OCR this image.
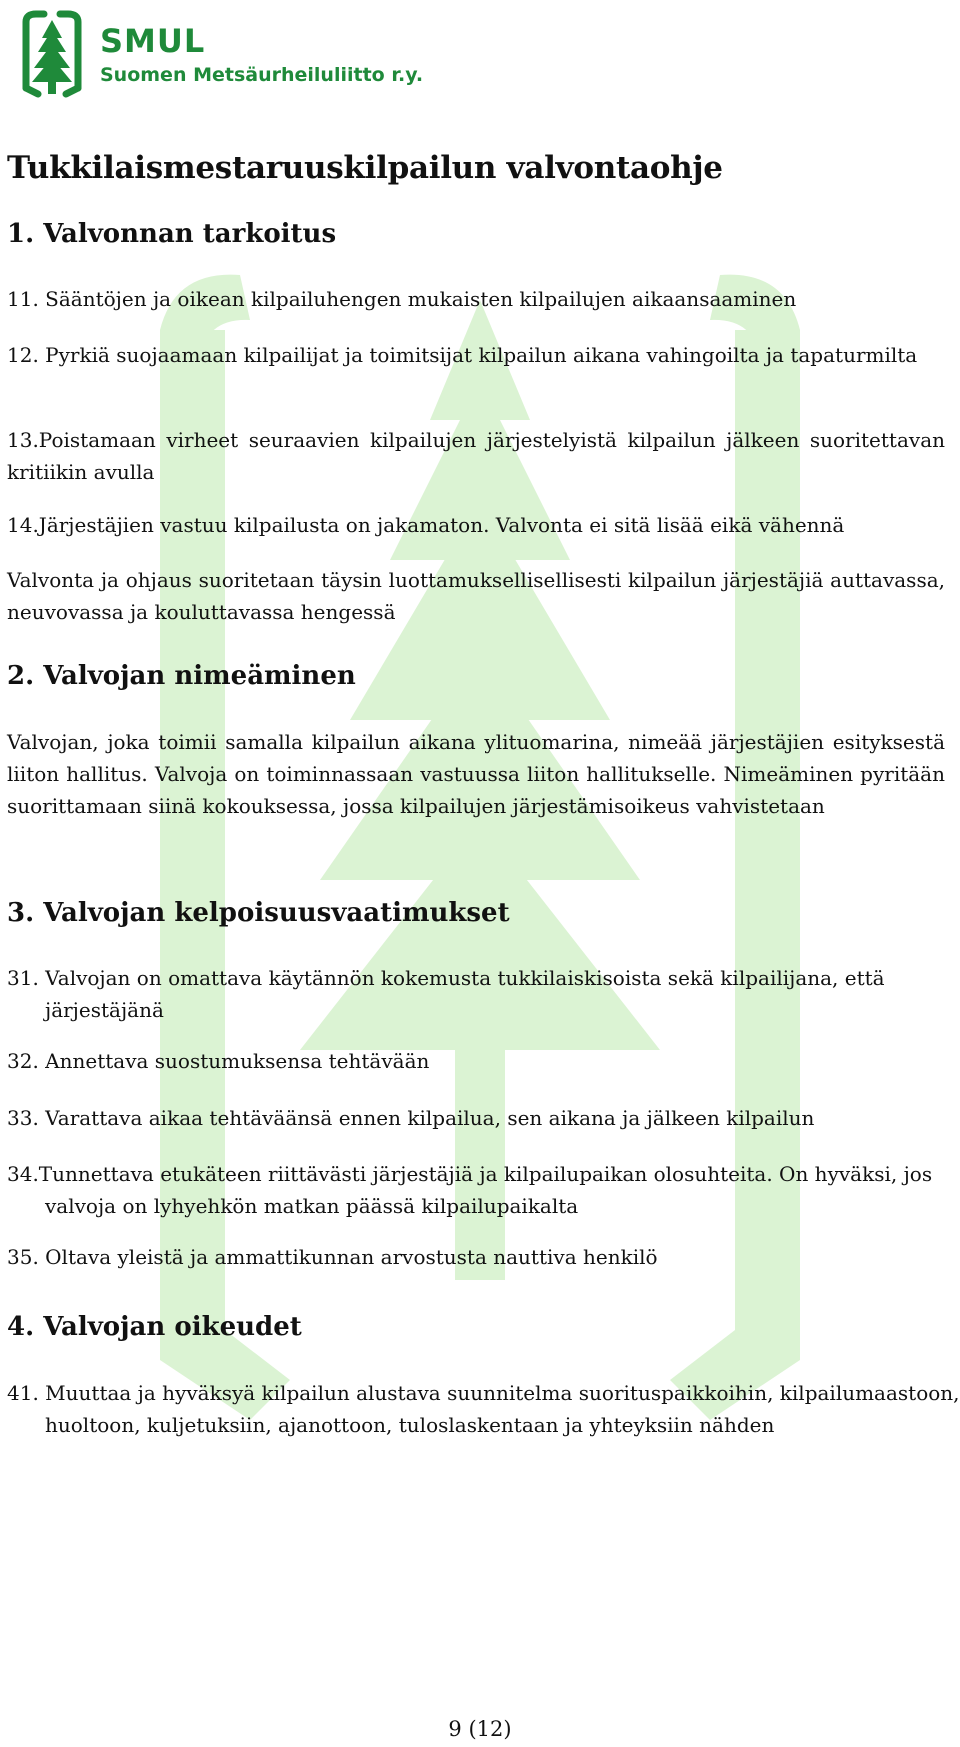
SMUL
Suomen Metsäurheiluliitto r.y.
Tukkilaismestaruuskilpailun valvontaohje
1. Valvonnan tarkoitus

11. Sääntöjen ja oikean kilpailuhengen mukaisten kilpailujen aikaansaaminen

12. Pyrkiä suojaamaan kilpailijat ja toimitsijat kilpailun aikana vahingoilta ja tapaturmilta

13.Poistamaan virheet seuraavien kilpailujen järjestelyistä kilpailun jälkeen suoritettavan kritiikin avulla

14.Järjestäjien vastuu kilpailusta on jakamaton. Valvonta ei sitä lisää eikä vähennä

Valvonta ja ohjaus suoritetaan täysin luottamuksellisellisesti kilpailun järjestäjiä auttavassa, neuvovassa ja kouluttavassa hengessä

2. Valvojan nimeäminen

Valvojan, joka toimii samalla kilpailun aikana ylituomarina, nimeää järjestäjien esityksestä liiton hallitus. Valvoja on toiminnassaan vastuussa liiton hallitukselle. Nimeäminen pyritään suorittamaan siinä kokouksessa, jossa kilpailujen järjestämisoikeus vahvistetaan

3. Valvojan kelpoisuusvaatimukset

31. Valvojan on omattava käytännön kokemusta tukkilaiskisoista sekä kilpailijana, että järjestäjänä

32. Annettava suostumuksensa tehtävään

33. Varattava aikaa tehtäväänsä ennen kilpailua, sen aikana ja jälkeen kilpailun

34.Tunnettava etukäteen riittävästi järjestäjiä ja kilpailupaikan olosuhteita. On hyväksi, jos valvoja on lyhyehkön matkan päässä kilpailupaikalta

35. Oltava yleistä ja ammattikunnan arvostusta nauttiva henkilö

4. Valvojan oikeudet

41. Muuttaa ja hyväksyä kilpailun alustava suunnitelma suorituspaikkoihin, kilpailumaastoon, huoltoon, kuljetuksiin, ajanottoon, tuloslaskentaan ja yhteyksiin nähden

9 (12)
